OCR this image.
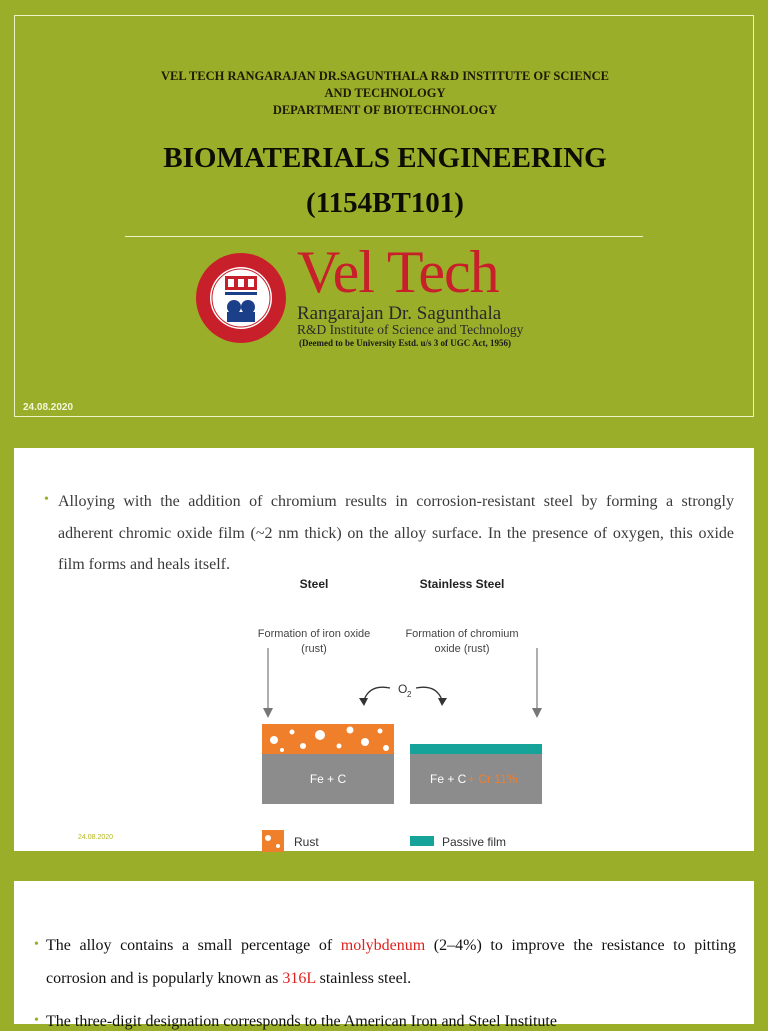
VEL TECH RANGARAJAN DR.SAGUNTHALA R&D INSTITUTE OF SCIENCE
AND TECHNOLOGY
DEPARTMENT OF BIOTECHNOLOGY
BIOMATERIALS ENGINEERING
(1154BT101)
Vel Tech
Rangarajan Dr. Sagunthala
R&D Institute of Science and Technology
(Deemed to be University Estd. u/s 3 of UGC Act, 1956)
24.08.2020
• Alloying with the addition of chromium results in corrosion-resistant steel by forming a strongly adherent chromic oxide film (~2 nm thick) on the alloy surface. In the presence of oxygen, this oxide film forms and heals itself.
Steel	Stainless Steel
Formation of iron oxide
(rust)
Formation of chromium
oxide (rust)
O 2
Fe + C	Fe + C + Cr 11%
Rust	Passive film
24.08.2020
• The alloy contains a small percentage of molybdenum (2–4%) to improve the resistance to pitting corrosion and is popularly known as 316L stainless steel.
• The three-digit designation corresponds to the American Iron and Steel Institute
